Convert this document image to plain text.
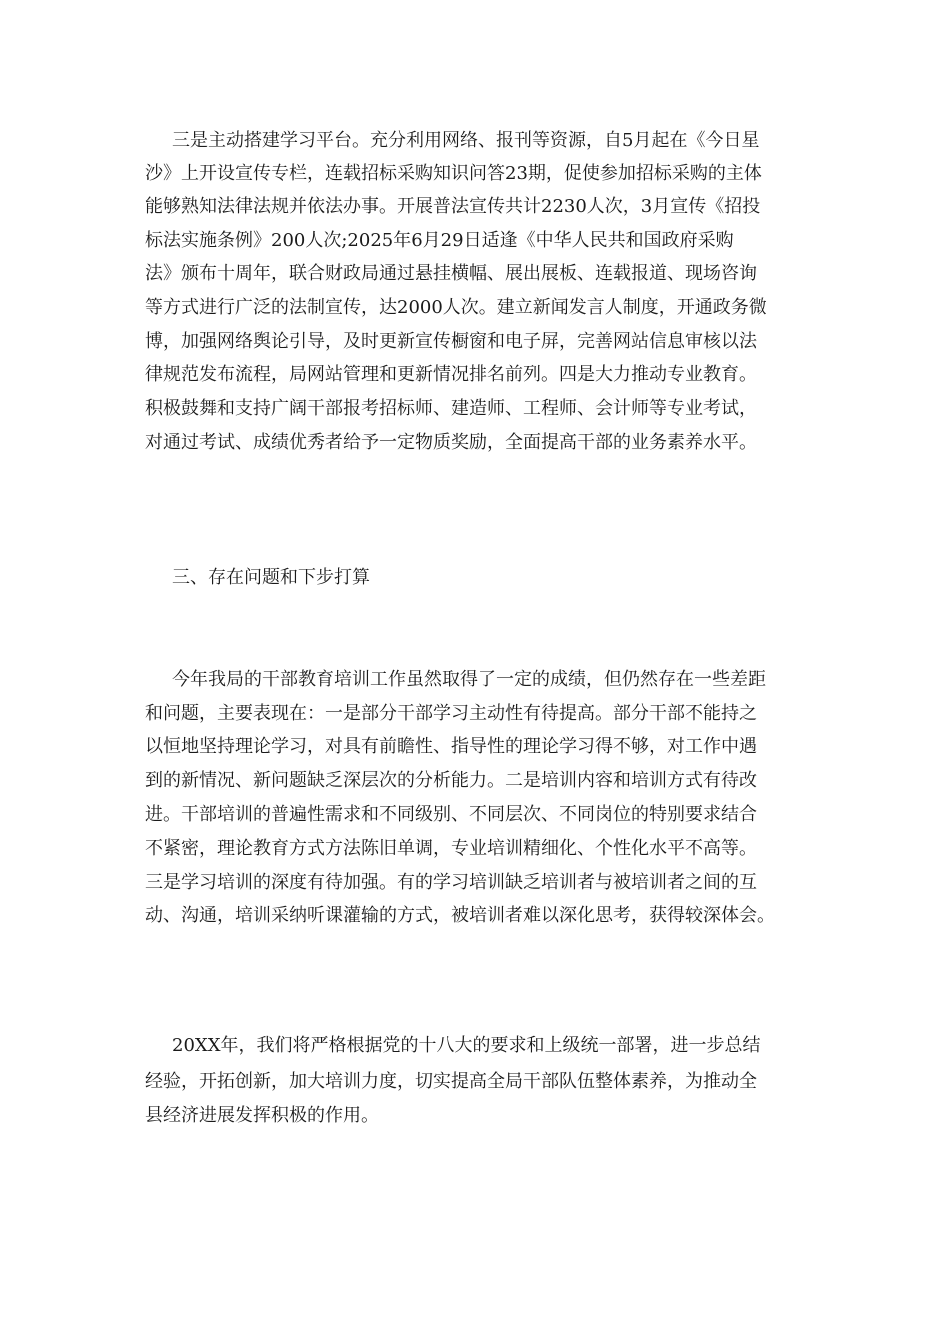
三是主动搭建学习平台。充分利用网络、报刊等资源，自5月起在《今日星
沙》上开设宣传专栏，连载招标采购知识问答23期，促使参加招标采购的主体
能够熟知法律法规并依法办事。开展普法宣传共计2230人次，3月宣传《招投
标法实施条例》200人次;2025年6月29日适逢《中华人民共和国政府采购
法》颁布十周年，联合财政局通过悬挂横幅、展出展板、连载报道、现场咨询
等方式进行广泛的法制宣传，达2000人次。建立新闻发言人制度，开通政务微
博，加强网络舆论引导，及时更新宣传橱窗和电子屏，完善网站信息审核以法
律规范发布流程，局网站管理和更新情况排名前列。四是大力推动专业教育。
积极鼓舞和支持广阔干部报考招标师、建造师、工程师、会计师等专业考试，
对通过考试、成绩优秀者给予一定物质奖励，全面提高干部的业务素养水平。
三、存在问题和下步打算
今年我局的干部教育培训工作虽然取得了一定的成绩，但仍然存在一些差距
和问题，主要表现在：一是部分干部学习主动性有待提高。部分干部不能持之
以恒地坚持理论学习，对具有前瞻性、指导性的理论学习得不够，对工作中遇
到的新情况、新问题缺乏深层次的分析能力。二是培训内容和培训方式有待改
进。干部培训的普遍性需求和不同级别、不同层次、不同岗位的特别要求结合
不紧密，理论教育方式方法陈旧单调，专业培训精细化、个性化水平不高等。
三是学习培训的深度有待加强。有的学习培训缺乏培训者与被培训者之间的互
动、沟通，培训采纳听课灌输的方式，被培训者难以深化思考，获得较深体会。
20XX年，我们将严格根据党的十八大的要求和上级统一部署，进一步总结
经验，开拓创新，加大培训力度，切实提高全局干部队伍整体素养，为推动全
县经济进展发挥积极的作用。
